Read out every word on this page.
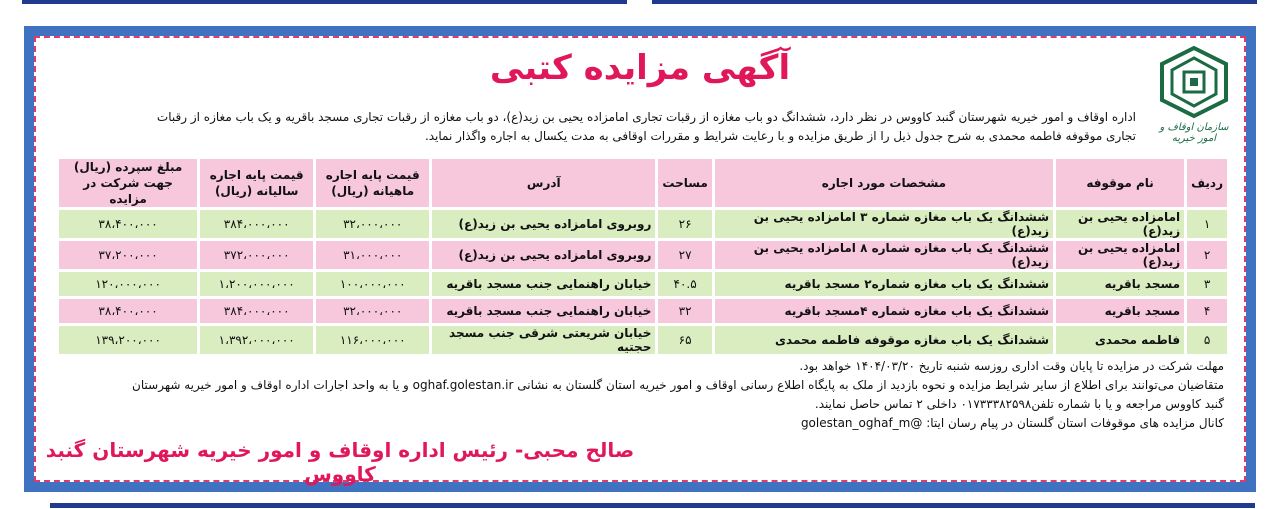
آگهی مزایده کتبی
سازمان اوقاف و امور خیریه
اداره اوقاف و امور خیریه شهرستان گنبد کاووس در نظر دارد، ششدانگ دو باب مغازه از رقبات تجاری امامزاده یحیی بن زید(ع)، دو باب مغازه از رقبات تجاری مسجد باقریه و یک باب مغازه از رقبات
تجاری موقوفه فاطمه محمدی به شرح جدول ذیل را از طریق مزایده و با رعایت شرایط و مقررات اوقافی به مدت یکسال به اجاره واگذار نماید.
ردیف	نام موقوفه	مشخصات مورد اجاره	مساحت	آدرس	قیمت پایه اجاره ماهیانه (ریال)	قیمت پایه اجاره سالیانه (ریال)	مبلغ سپرده (ریال) جهت شرکت در مزایده
۱	امامزاده یحیی بن زید(ع)	ششدانگ یک باب مغازه شماره ۳ امامزاده یحیی بن زید(ع)	۲۶	روبروی امامزاده یحیی بن زید(ع)	۳۲،۰۰۰،۰۰۰	۳۸۴،۰۰۰،۰۰۰	۳۸،۴۰۰،۰۰۰
۲	امامزاده یحیی بن زید(ع)	ششدانگ یک باب مغازه شماره ۸ امامزاده یحیی بن زید(ع)	۲۷	روبروی امامزاده یحیی بن زید(ع)	۳۱،۰۰۰،۰۰۰	۳۷۲،۰۰۰،۰۰۰	۳۷،۲۰۰،۰۰۰
۳	مسجد باقریه	ششدانگ یک باب مغازه شماره۲ مسجد باقریه	۴۰.۵	خیابان راهنمایی جنب مسجد باقریه	۱۰۰،۰۰۰،۰۰۰	۱،۲۰۰،۰۰۰،۰۰۰	۱۲۰،۰۰۰،۰۰۰
۴	مسجد باقریه	ششدانگ یک باب مغازه شماره ۴مسجد باقریه	۳۲	خیابان راهنمایی جنب مسجد باقریه	۳۲،۰۰۰،۰۰۰	۳۸۴،۰۰۰،۰۰۰	۳۸،۴۰۰،۰۰۰
۵	فاطمه محمدی	ششدانگ یک باب مغازه موقوفه فاطمه محمدی	۶۵	خیابان شریعتی شرقی جنب مسجد حجتیه	۱۱۶،۰۰۰،۰۰۰	۱،۳۹۲،۰۰۰،۰۰۰	۱۳۹،۲۰۰،۰۰۰

مهلت شرکت در مزایده تا پایان وقت اداری روزسه شنبه تاریخ ۱۴۰۴/۰۳/۲۰ خواهد بود.

متقاضیان می‌توانند برای اطلاع از سایر شرایط مزایده و نحوه بازدید از ملک به پایگاه اطلاع رسانی اوقاف و امور خیریه استان گلستان به نشانی oghaf.golestan.ir و یا به واحد اجارات اداره اوقاف و امور خیریه شهرستان

گنبد کاووس مراجعه و یا با شماره تلفن۰۱۷۳۳۳۸۲۵۹۸ داخلی ۲ تماس حاصل نمایند.

کانال مزایده های موقوفات استان گلستان در پیام رسان ایتا: @golestan_oghaf_m

صالح محبی- رئیس اداره اوقاف و امور خیریه شهرستان گنبد کاووس
